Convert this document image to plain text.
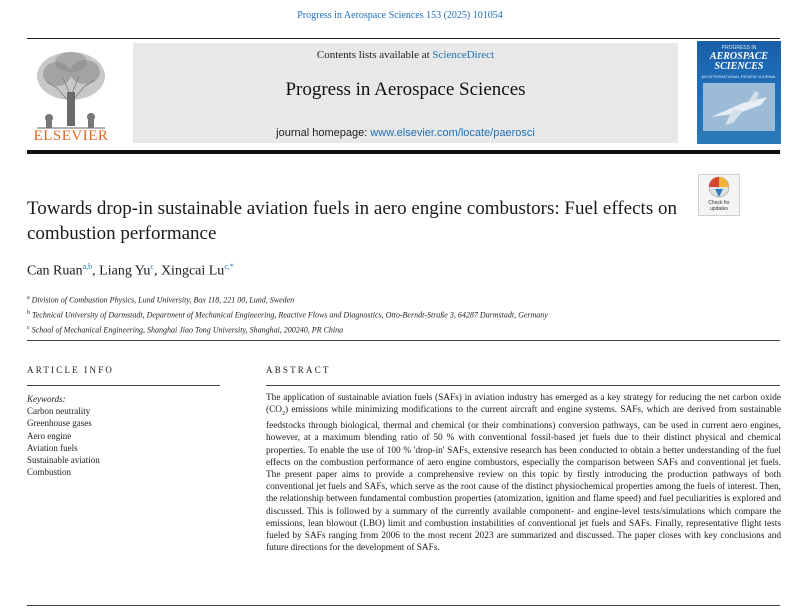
Progress in Aerospace Sciences 153 (2025) 101054
ELSEVIER
Contents lists available at ScienceDirect
Progress in Aerospace Sciences
journal homepage: www.elsevier.com/locate/paerosci
PROGRESS IN
AEROSPACE
SCIENCES
AN INTERNATIONAL REVIEW JOURNAL
Check for
updates
Towards drop-in sustainable aviation fuels in aero engine combustors: Fuel effects on combustion performance
Can Ruan$^{a,b}$, Liang Yu$^c$, Xingcai $Lu^{c,*}$
$^a$ Division of Combustion Physics, Lund University, Box 118, 221 00, Lund, Sweden
$^b$ Technical University of Darmstadt, Department of Mechanical Engineering, Reactive Flows and Diagnostics, Otto-Berndt-Straße 3, 64287 Darmstadt, Germany
$^c$ School of Mechanical Engineering, Shanghai Jiao Tong University, Shanghai, 200240, PR China
ARTICLE INFO
Keywords:
Carbon neutrality
Greenhouse gases
Aero engine
Aviation fuels
Sustainable aviation
Combustion
ABSTRACT

The application of sustainable aviation fuels (SAFs) in aviation industry has emerged as a key strategy for reducing the net carbon oxide $(CO_2)$ emissions while minimizing modifications to the current aircraft and engine systems. SAFs, which are derived from sustainable feedstocks through biological, thermal and chemical (or their combinations) conversion pathways, can be used in current aero engines, however, at a maximum blending ratio of 50 % with conventional fossil-based jet fuels due to their distinct physical and chemical properties. To enable the use of 100 % 'drop-in' SAFs, extensive research has been conducted to obtain a better understanding of the fuel effects on the combustion performance of aero engine combustors, especially the comparison between SAFs and conventional jet fuels. The present paper aims to provide a comprehensive review on this topic by firstly introducing the production pathways of both conventional jet fuels and SAFs, which serve as the root cause of the distinct physiochemical properties among the fuels of interest. Then, the relationship between fundamental combustion properties (atomization, ignition and flame speed) and fuel peculiarities is explored and discussed. This is followed by a summary of the currently available component- and engine-level tests/simulations which compare the emissions, lean blowout (LBO) limit and combustion instabilities of conventional jet fuels and SAFs. Finally, representative flight tests fueled by SAFs ranging from 2006 to the most recent 2023 are summarized and discussed. The paper closes with key conclusions and future directions for the development of SAFs.
